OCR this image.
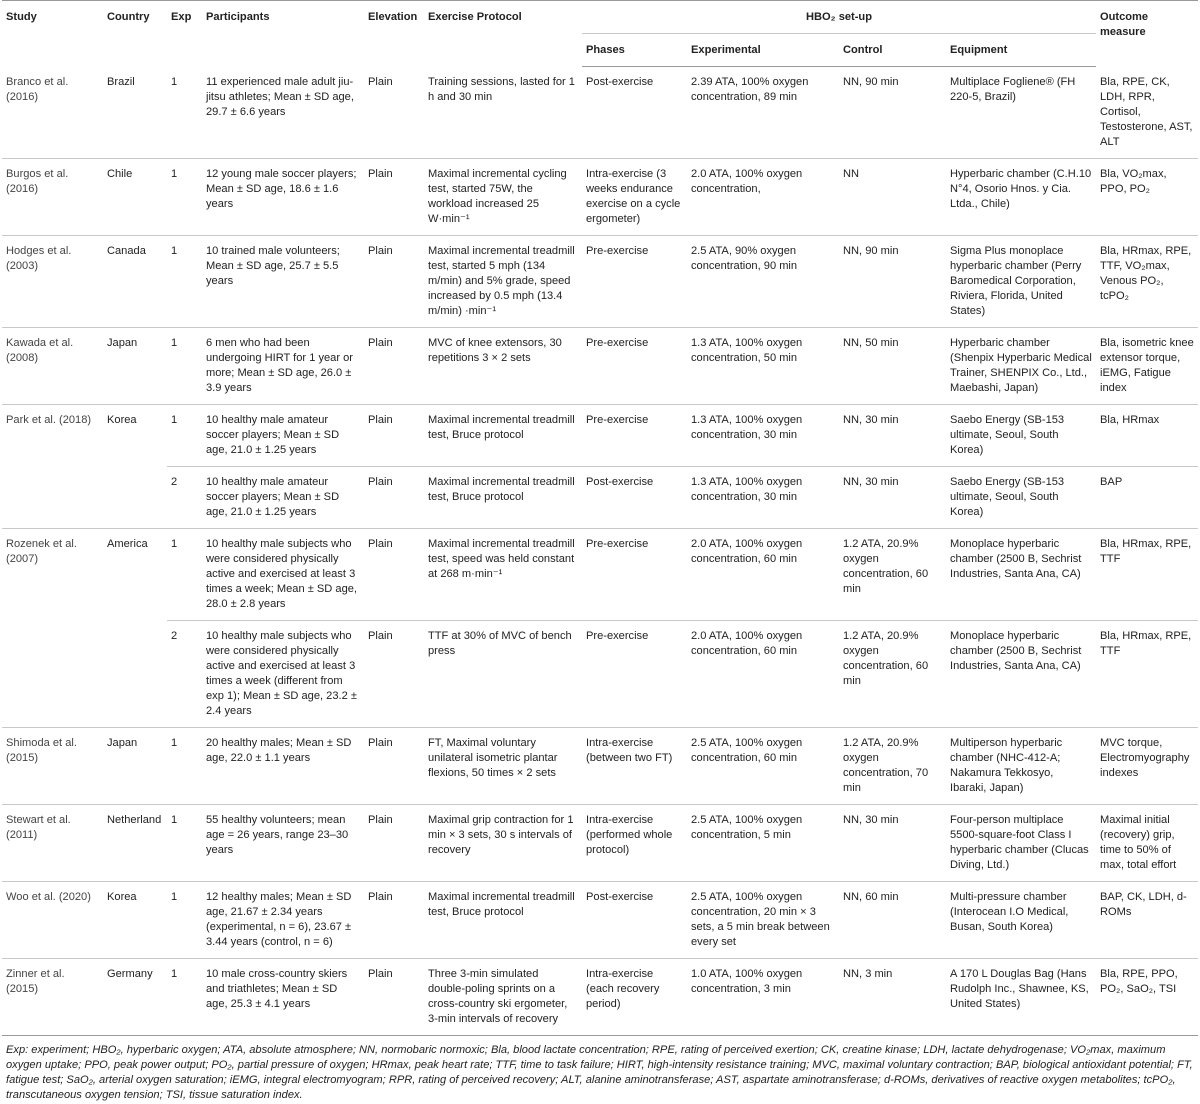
Study	Country	Exp	Participants	Elevation	Exercise Protocol	HBO₂ set-up				Outcome measure
						Phases	Experimental	Control	Equipment	
Branco et al. (2016)	Brazil	1	11 experienced male adult jiu-jitsu athletes; Mean ± SD age, 29.7 ± 6.6 years	Plain	Training sessions, lasted for 1 h and 30 min	Post-exercise	2.39 ATA, 100% oxygen concentration, 89 min	NN, 90 min	Multiplace Fogliene® (FH 220-5, Brazil)	Bla, RPE, CK, LDH, RPR, Cortisol, Testosterone, AST, ALT
Burgos et al. (2016)	Chile	1	12 young male soccer players; Mean ± SD age, 18.6 ± 1.6 years	Plain	Maximal incremental cycling test, started 75W, the workload increased 25 W·min⁻¹	Intra-exercise (3 weeks endurance exercise on a cycle ergometer)	2.0 ATA, 100% oxygen concentration,	NN	Hyperbaric chamber (C.H.10 N°4, Osorio Hnos. y Cia. Ltda., Chile)	Bla, VO₂max, PPO, PO₂
Hodges et al. (2003)	Canada	1	10 trained male volunteers; Mean ± SD age, 25.7 ± 5.5 years	Plain	Maximal incremental treadmill test, started 5 mph (134 m/min) and 5% grade, speed increased by 0.5 mph (13.4 m/min) ·min⁻¹	Pre-exercise	2.5 ATA, 90% oxygen concentration, 90 min	NN, 90 min	Sigma Plus monoplace hyperbaric chamber (Perry Baromedical Corporation, Riviera, Florida, United States)	Bla, HRmax, RPE, TTF, VO₂max, Venous PO₂, tcPO₂
Kawada et al. (2008)	Japan	1	6 men who had been undergoing HIRT for 1 year or more; Mean ± SD age, 26.0 ± 3.9 years	Plain	MVC of knee extensors, 30 repetitions 3 × 2 sets	Pre-exercise	1.3 ATA, 100% oxygen concentration, 50 min	NN, 50 min	Hyperbaric chamber (Shenpix Hyperbaric Medical Trainer, SHENPIX Co., Ltd., Maebashi, Japan)	Bla, isometric knee extensor torque, iEMG, Fatigue index
Park et al. (2018)	Korea	1	10 healthy male amateur soccer players; Mean ± SD age, 21.0 ± 1.25 years	Plain	Maximal incremental treadmill test, Bruce protocol	Pre-exercise	1.3 ATA, 100% oxygen concentration, 30 min	NN, 30 min	Saebo Energy (SB-153 ultimate, Seoul, South Korea)	Bla, HRmax
		2	10 healthy male amateur soccer players; Mean ± SD age, 21.0 ± 1.25 years	Plain	Maximal incremental treadmill test, Bruce protocol	Post-exercise	1.3 ATA, 100% oxygen concentration, 30 min	NN, 30 min	Saebo Energy (SB-153 ultimate, Seoul, South Korea)	BAP
Rozenek et al. (2007)	America	1	10 healthy male subjects who were considered physically active and exercised at least 3 times a week; Mean ± SD age, 28.0 ± 2.8 years	Plain	Maximal incremental treadmill test, speed was held constant at 268 m·min⁻¹	Pre-exercise	2.0 ATA, 100% oxygen concentration, 60 min	1.2 ATA, 20.9% oxygen concentration, 60 min	Monoplace hyperbaric chamber (2500 B, Sechrist Industries, Santa Ana, CA)	Bla, HRmax, RPE, TTF
		2	10 healthy male subjects who were considered physically active and exercised at least 3 times a week (different from exp 1); Mean ± SD age, 23.2 ± 2.4 years	Plain	TTF at 30% of MVC of bench press	Pre-exercise	2.0 ATA, 100% oxygen concentration, 60 min	1.2 ATA, 20.9% oxygen concentration, 60 min	Monoplace hyperbaric chamber (2500 B, Sechrist Industries, Santa Ana, CA)	Bla, HRmax, RPE, TTF
Shimoda et al. (2015)	Japan	1	20 healthy males; Mean ± SD age, 22.0 ± 1.1 years	Plain	FT, Maximal voluntary unilateral isometric plantar flexions, 50 times × 2 sets	Intra-exercise (between two FT)	2.5 ATA, 100% oxygen concentration, 60 min	1.2 ATA, 20.9% oxygen concentration, 70 min	Multiperson hyperbaric chamber (NHC-412-A; Nakamura Tekkosyo, Ibaraki, Japan)	MVC torque, Electromyography indexes
Stewart et al. (2011)	Netherland	1	55 healthy volunteers; mean age = 26 years, range 23–30 years	Plain	Maximal grip contraction for 1 min × 3 sets, 30 s intervals of recovery	Intra-exercise (performed whole protocol)	2.5 ATA, 100% oxygen concentration, 5 min	NN, 30 min	Four-person multiplace 5500-square-foot Class I hyperbaric chamber (Clucas Diving, Ltd.)	Maximal initial (recovery) grip, time to 50% of max, total effort
Woo et al. (2020)	Korea	1	12 healthy males; Mean ± SD age, 21.67 ± 2.34 years (experimental, n = 6), 23.67 ± 3.44 years (control, n = 6)	Plain	Maximal incremental treadmill test, Bruce protocol	Post-exercise	2.5 ATA, 100% oxygen concentration, 20 min × 3 sets, a 5 min break between every set	NN, 60 min	Multi-pressure chamber (Interocean I.O Medical, Busan, South Korea)	BAP, CK, LDH, d-ROMs
Zinner et al. (2015)	Germany	1	10 male cross-country skiers and triathletes; Mean ± SD age, 25.3 ± 4.1 years	Plain	Three 3-min simulated double-poling sprints on a cross-country ski ergometer, 3-min intervals of recovery	Intra-exercise (each recovery period)	1.0 ATA, 100% oxygen concentration, 3 min	NN, 3 min	A 170 L Douglas Bag (Hans Rudolph Inc., Shawnee, KS, United States)	Bla, RPE, PPO, PO₂, SaO₂, TSI
Exp: experiment; HBO₂, hyperbaric oxygen; ATA, absolute atmosphere; NN, normobaric normoxic; Bla, blood lactate concentration; RPE, rating of perceived exertion; CK, creatine kinase; LDH, lactate dehydrogenase; VO₂max, maximum oxygen uptake; PPO, peak power output; PO₂, partial pressure of oxygen; HRmax, peak heart rate; TTF, time to task failure; HIRT, high-intensity resistance training; MVC, maximal voluntary contraction; BAP, biological antioxidant potential; FT, fatigue test; SaO₂, arterial oxygen saturation; iEMG, integral electromyogram; RPR, rating of perceived recovery; ALT, alanine aminotransferase; AST, aspartate aminotransferase; d-ROMs, derivatives of reactive oxygen metabolites; tcPO₂, transcutaneous oxygen tension; TSI, tissue saturation index.
